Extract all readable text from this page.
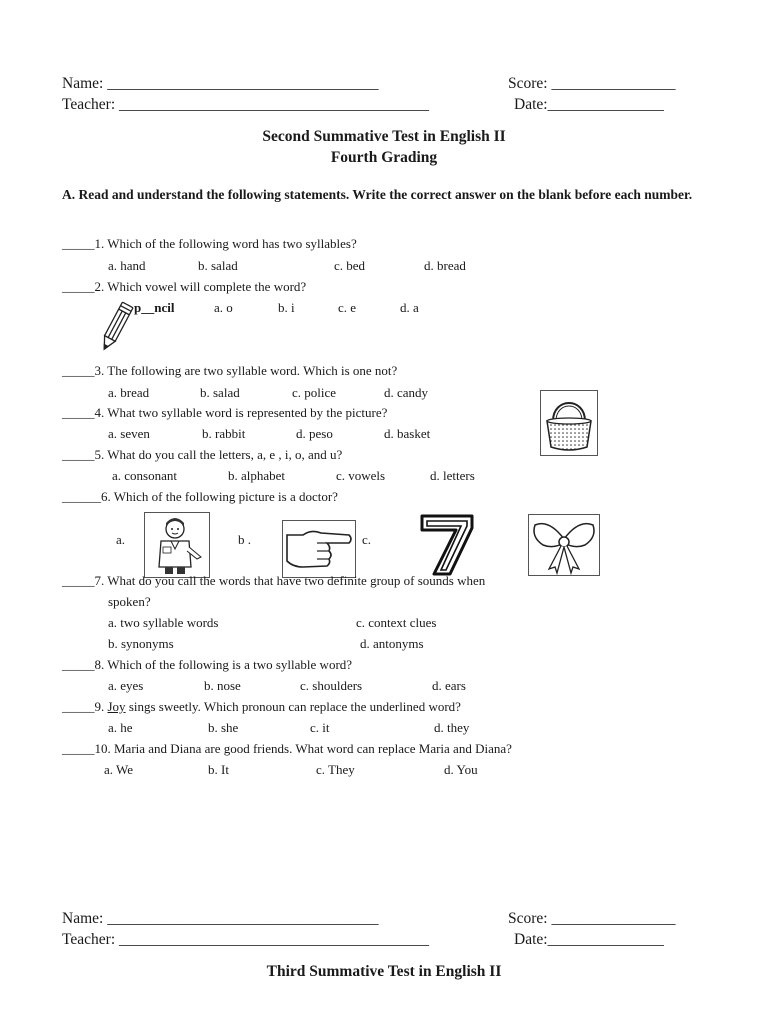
Name: ___________________________________	Score: ________________
Teacher: ________________________________________	Date:_______________
Second Summative Test in English II
Fourth Grading
A. Read and understand the following statements. Write the correct answer on the blank before each number.
_____1. Which of the following word has two syllables?
a. hand	b. salad	c. bed	d. bread
_____2. Which vowel will complete the word?
p__ncil	a. o	b. i	c. e	d. a
_____3. The following are two syllable word. Which is one not?
a. bread	b. salad	c. police	d. candy
_____4. What two syllable word is represented by the picture?
a. seven	b. rabbit	d. peso	d. basket
_____5. What do you call the letters, a, e , i, o, and u?
a. consonant	b. alphabet	c. vowels	d. letters
______6. Which of the following picture is a doctor?
a.	b .	c.
_____7. What do you call the words that have two definite group of sounds when
spoken?
a. two syllable words	c. context clues
b. synonyms	d. antonyms
_____8. Which of the following is a two syllable word?
a. eyes	b. nose	c. shoulders	d. ears
_____9. Joy sings sweetly. Which pronoun can replace the underlined word?
a. he	b. she	c. it	d. they
_____10. Maria and Diana are good friends. What word can replace Maria and Diana?
a. We	b. It	c. They	d. You
Name: ___________________________________	Score: ________________
Teacher: ________________________________________	Date:_______________
Third Summative Test in English II
